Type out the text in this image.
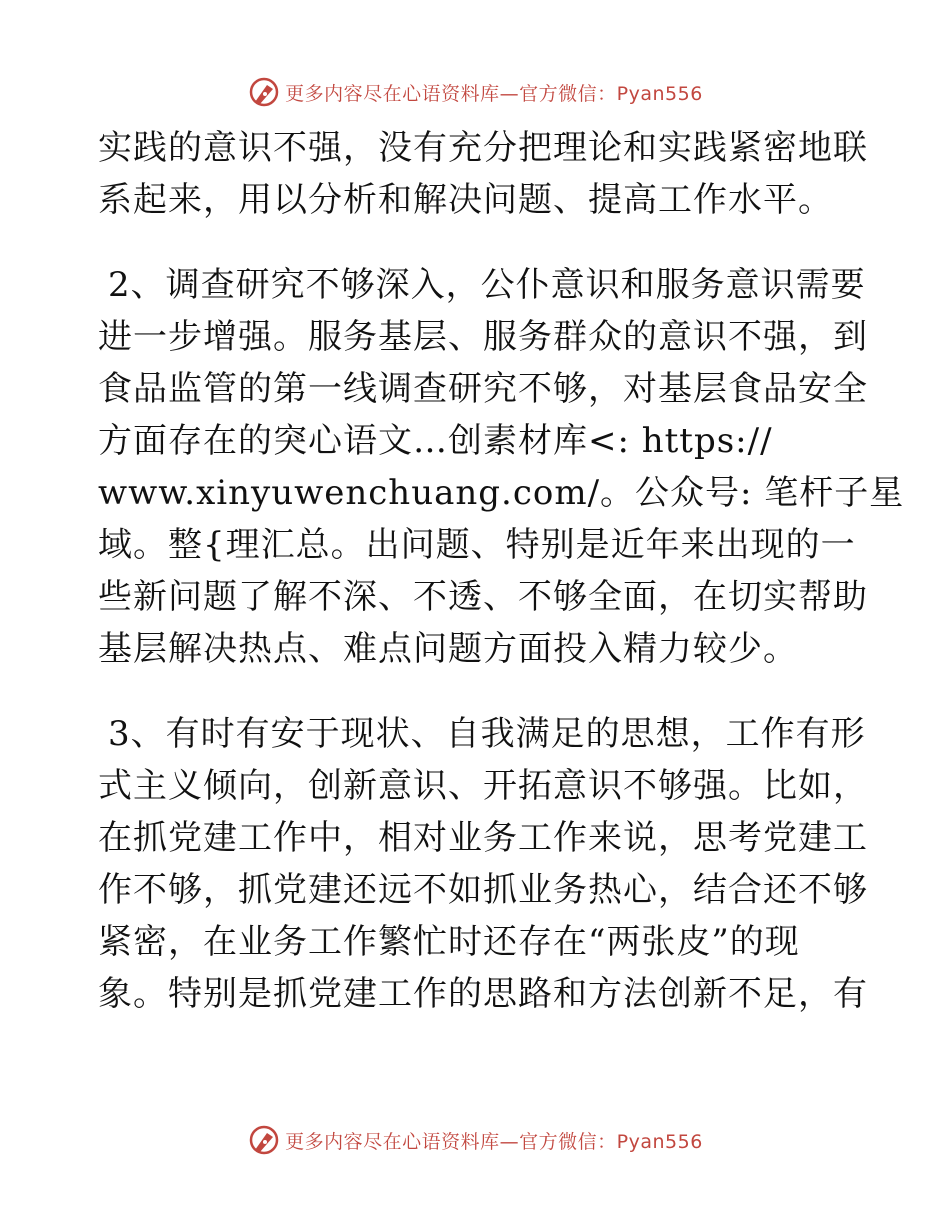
更多内容尽在心语资料库—官方微信：Pyan556
实践的意识不强，没有充分把理论和实践紧密地联
系起来，用以分析和解决问题、提高工作水平。
2、调查研究不够深入，公仆意识和服务意识需要
进一步增强。服务基层、服务群众的意识不强，到
食品监管的第一线调查研究不够，对基层食品安全
方面存在的突心语文…创素材库<: https://
www.xinyuwenchuang.com/。公众号: 笔杆子星
域。整{理汇总。出问题、特别是近年来出现的一
些新问题了解不深、不透、不够全面，在切实帮助
基层解决热点、难点问题方面投入精力较少。
3、有时有安于现状、自我满足的思想，工作有形
式主义倾向，创新意识、开拓意识不够强。比如，
在抓党建工作中，相对业务工作来说，思考党建工
作不够，抓党建还远不如抓业务热心，结合还不够
紧密，在业务工作繁忙时还存在“两张皮”的现
象。特别是抓党建工作的思路和方法创新不足，有
更多内容尽在心语资料库—官方微信：Pyan556
